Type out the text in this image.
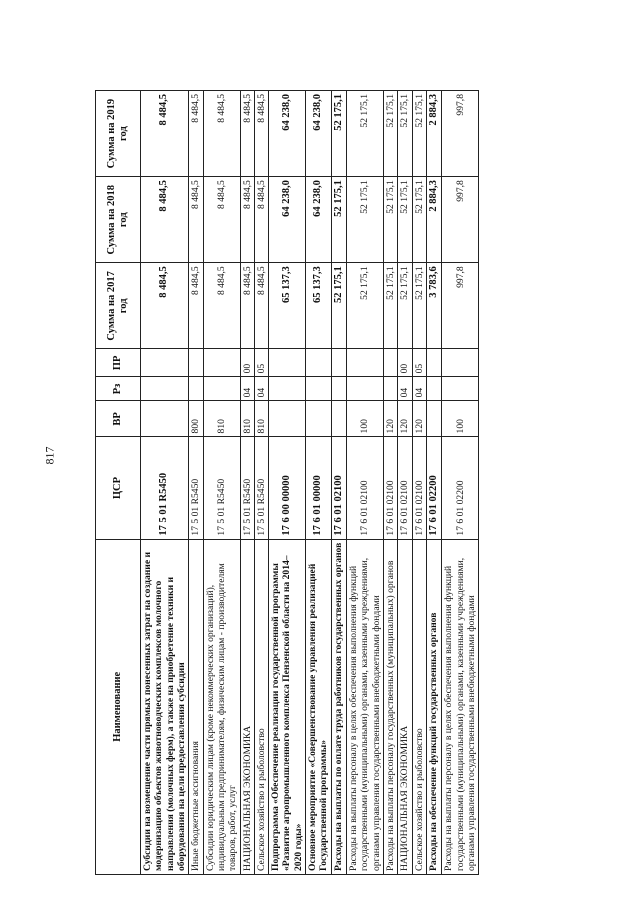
817
Наименование	ЦСР	ВР	Рз	ПР	Сумма на 2017 год	Сумма на 2018 год	Сумма на 2019 год
Субсидии на возмещение части прямых понесенных затрат на создание и модернизацию объектов животноводческих комплексов молочного направления (молочных ферм), а также на приобретение техники и оборудования на цели предоставления субсидии	17 5 01 R5450				8 484,5	8 484,5	8 484,5
Иные бюджетные ассигнования	17 5 01 R5450	800			8 484,5	8 484,5	8 484,5
Субсидии юридическим лицам (кроме некоммерческих организаций), индивидуальным предпринимателям, физическим лицам - производителям товаров, работ, услуг	17 5 01 R5450	810			8 484,5	8 484,5	8 484,5
НАЦИОНАЛЬНАЯ ЭКОНОМИКА	17 5 01 R5450	810	04	00	8 484,5	8 484,5	8 484,5
Сельское хозяйство и рыболовство	17 5 01 R5450	810	04	05	8 484,5	8 484,5	8 484,5
Подпрограмма «Обеспечение реализации государственной программы «Развитие агропромышленного комплекса Пензенской области на 2014–2020 годы»	17 6 00 00000				65 137,3	64 238,0	64 238,0
Основное мероприятие «Совершенствование управления реализацией Государственной программы»	17 6 01 00000				65 137,3	64 238,0	64 238,0
Расходы на выплаты по оплате труда работников государственных органов	17 6 01 02100				52 175,1	52 175,1	52 175,1
Расходы на выплаты персоналу в целях обеспечения выполнения функций государственными (муниципальными) органами, казенными учреждениями, органами управления государственными внебюджетными фондами	17 6 01 02100	100			52 175,1	52 175,1	52 175,1
Расходы на выплаты персоналу государственных (муниципальных) органов	17 6 01 02100	120			52 175,1	52 175,1	52 175,1
НАЦИОНАЛЬНАЯ ЭКОНОМИКА	17 6 01 02100	120	04	00	52 175,1	52 175,1	52 175,1
Сельское хозяйство и рыболовство	17 6 01 02100	120	04	05	52 175,1	52 175,1	52 175,1
Расходы на обеспечение функций государственных органов	17 6 01 02200				3 783,6	2 884,3	2 884,3
Расходы на выплаты персоналу в целях обеспечения выполнения функций государственными (муниципальными) органами, казенными учреждениями, органами управления государственными внебюджетными фондами	17 6 01 02200	100			997,8	997,8	997,8
